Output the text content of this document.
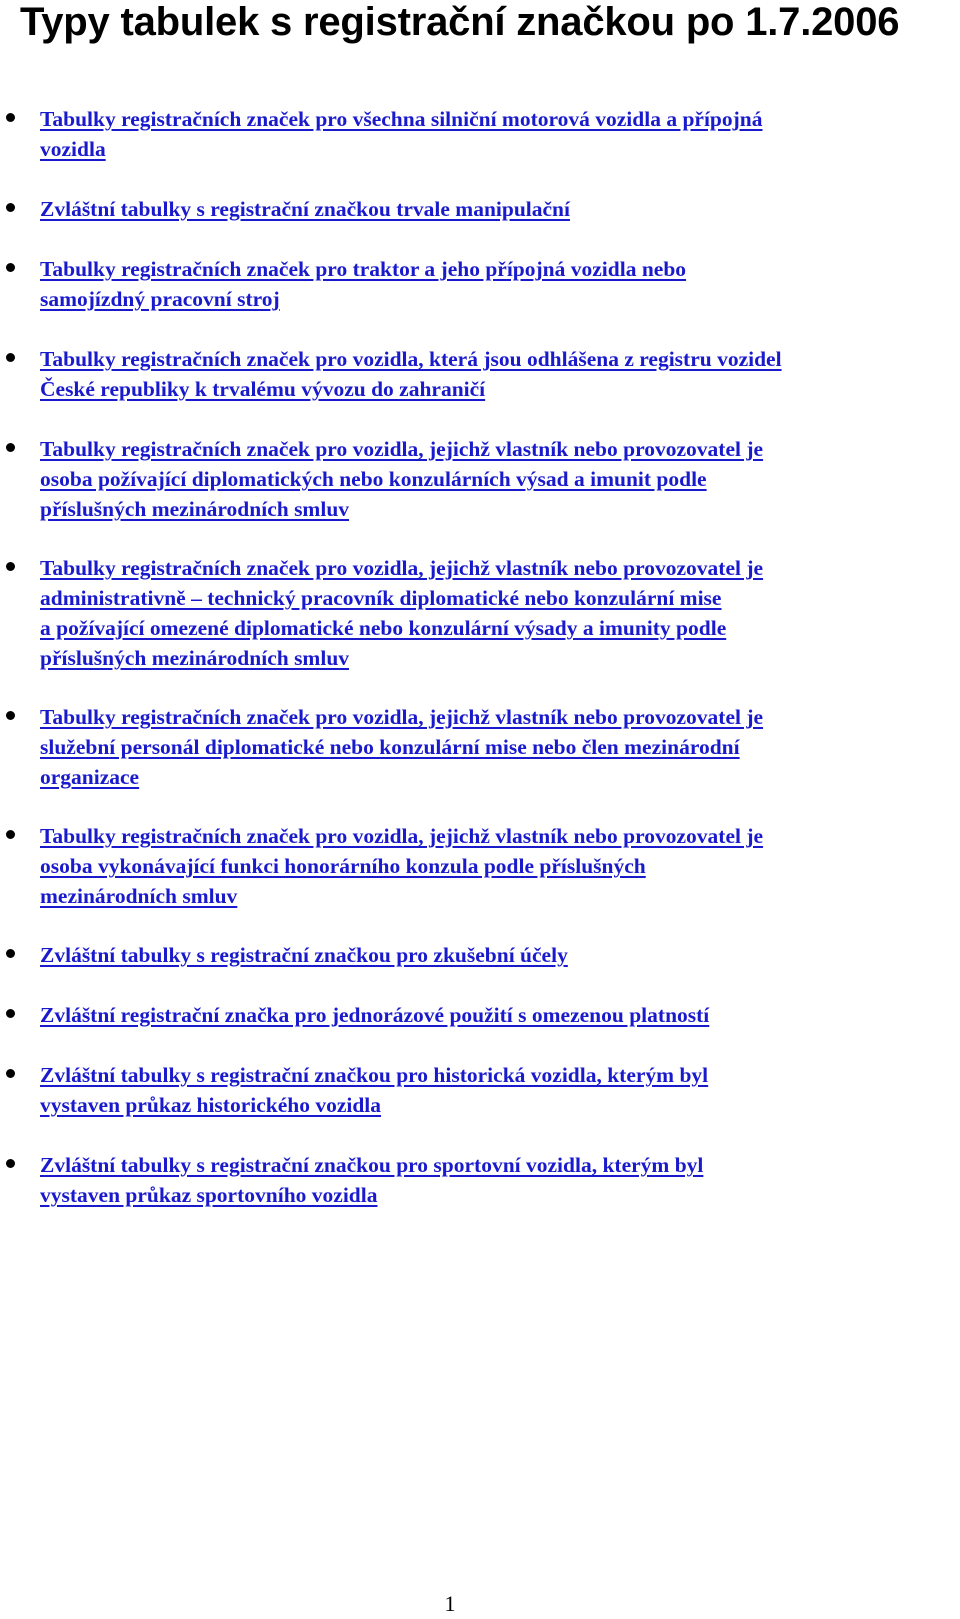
Typy tabulek s registrační značkou po 1.7.2006
Tabulky registračních značek pro všechna silniční motorová vozidla a přípojná
vozidla
Zvláštní tabulky s registrační značkou trvale manipulační
Tabulky registračních značek pro traktor a jeho přípojná vozidla nebo
samojízdný pracovní stroj
Tabulky registračních značek pro vozidla, která jsou odhlášena z registru vozidel
České republiky k trvalému vývozu do zahraničí
Tabulky registračních značek pro vozidla, jejichž vlastník nebo provozovatel je
osoba požívající diplomatických nebo konzulárních výsad a imunit podle
příslušných mezinárodních smluv
Tabulky registračních značek pro vozidla, jejichž vlastník nebo provozovatel je
administrativně – technický pracovník diplomatické nebo konzulární mise
a požívající omezené diplomatické nebo konzulární výsady a imunity podle
příslušných mezinárodních smluv
Tabulky registračních značek pro vozidla, jejichž vlastník nebo provozovatel je
služební personál diplomatické nebo konzulární mise nebo člen mezinárodní
organizace
Tabulky registračních značek pro vozidla, jejichž vlastník nebo provozovatel je
osoba vykonávající funkci honorárního konzula podle příslušných
mezinárodních smluv
Zvláštní tabulky s registrační značkou pro zkušební účely
Zvláštní registrační značka pro jednorázové použití s omezenou platností
Zvláštní tabulky s registrační značkou pro historická vozidla, kterým byl
vystaven průkaz historického vozidla
Zvláštní tabulky s registrační značkou pro sportovní vozidla, kterým byl
vystaven průkaz sportovního vozidla
1
